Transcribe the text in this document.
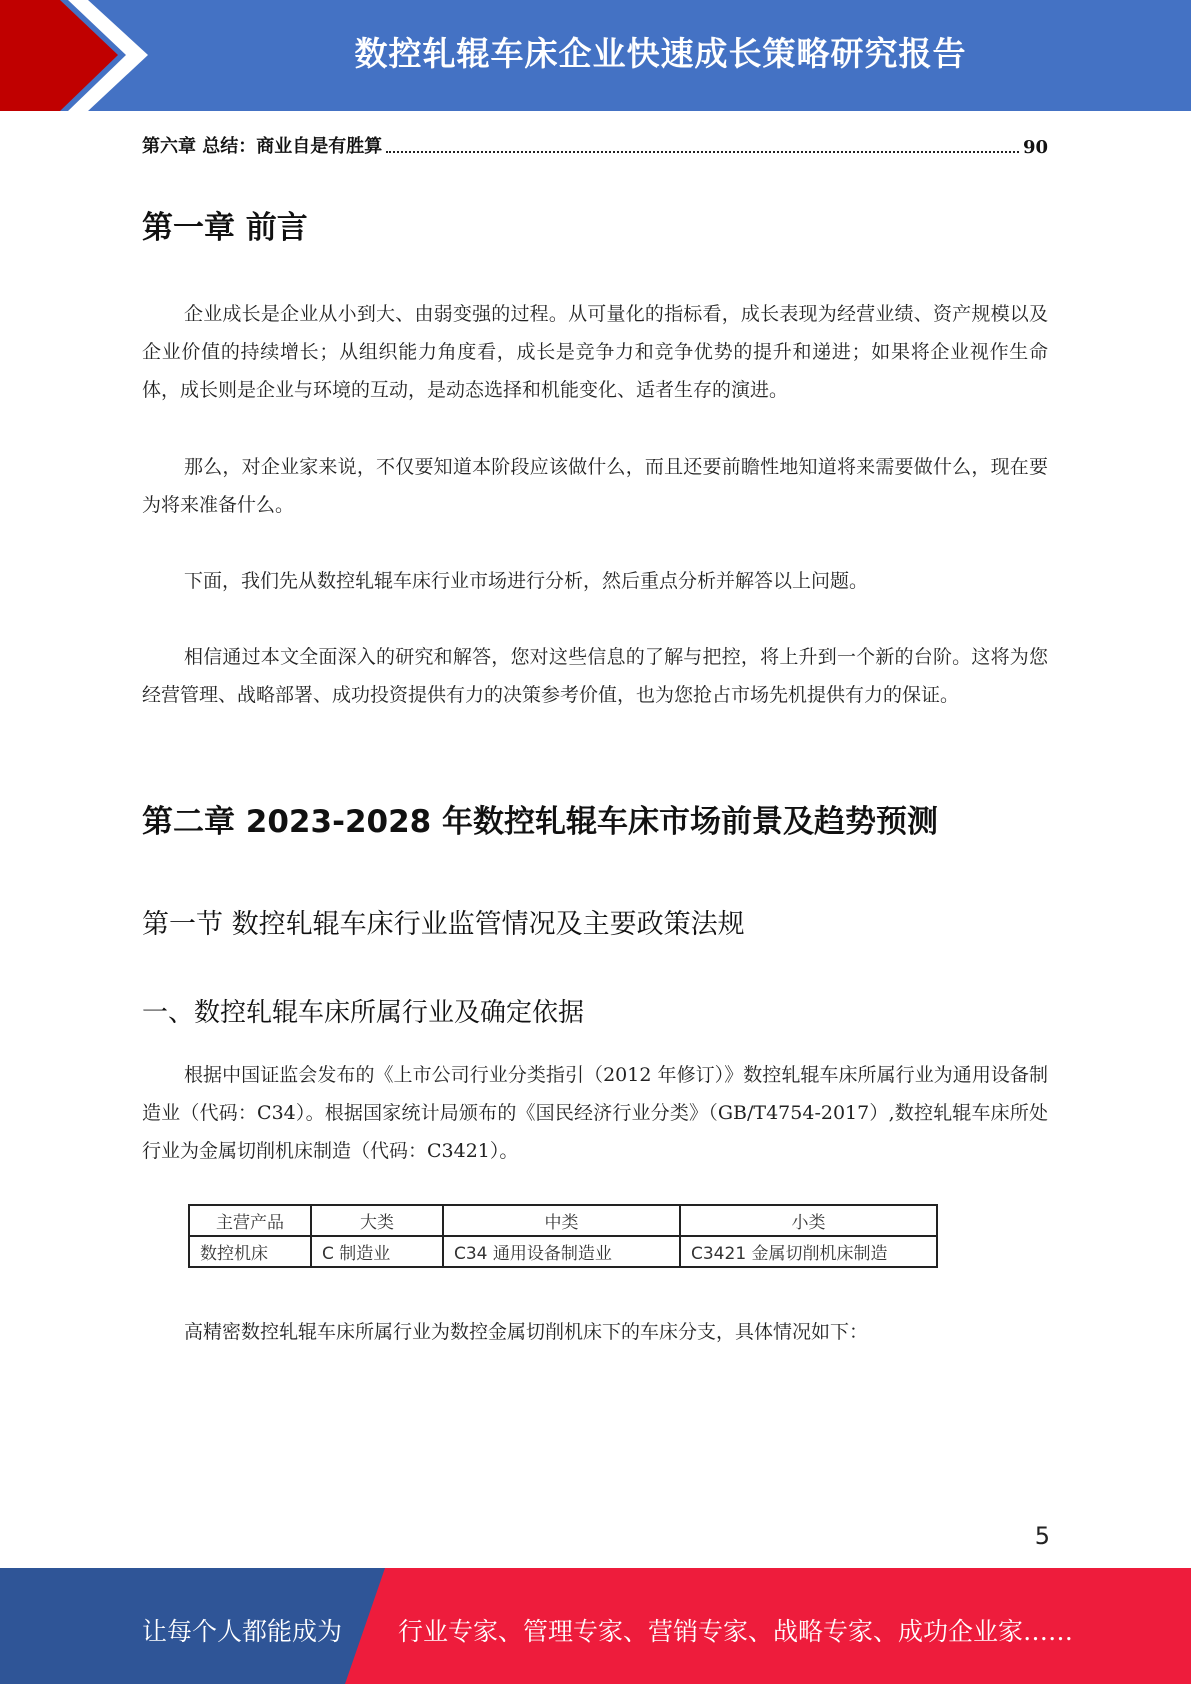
数控轧辊车床企业快速成长策略研究报告
第六章 总结：商业自是有胜算	90
第一章 前言
企业成长是企业从小到大、由弱变强的过程。从可量化的指标看，成长表现为经营业绩、资产规模以及企业价值的持续增长；从组织能力角度看，成长是竞争力和竞争优势的提升和递进；如果将企业视作生命体，成长则是企业与环境的互动，是动态选择和机能变化、适者生存的演进。
那么，对企业家来说，不仅要知道本阶段应该做什么，而且还要前瞻性地知道将来需要做什么，现在要为将来准备什么。
下面，我们先从数控轧辊车床行业市场进行分析，然后重点分析并解答以上问题。
相信通过本文全面深入的研究和解答，您对这些信息的了解与把控，将上升到一个新的台阶。这将为您经营管理、战略部署、成功投资提供有力的决策参考价值，也为您抢占市场先机提供有力的保证。
第二章 2023-2028 年数控轧辊车床市场前景及趋势预测
第一节 数控轧辊车床行业监管情况及主要政策法规
一、数控轧辊车床所属行业及确定依据
根据中国证监会发布的《上市公司行业分类指引（2012 年修订）》数控轧辊车床所属行业为通用设备制造业（代码：C34）。根据国家统计局颁布的《国民经济行业分类》（GB/T4754-2017）,数控轧辊车床所处行业为金属切削机床制造（代码：C3421）。
主营产品	大类	中类	小类
数控机床	C 制造业	C34 通用设备制造业	C3421 金属切削机床制造
高精密数控轧辊车床所属行业为数控金属切削机床下的车床分支，具体情况如下：
5
让每个人都能成为 行业专家、管理专家、营销专家、战略专家、成功企业家……
